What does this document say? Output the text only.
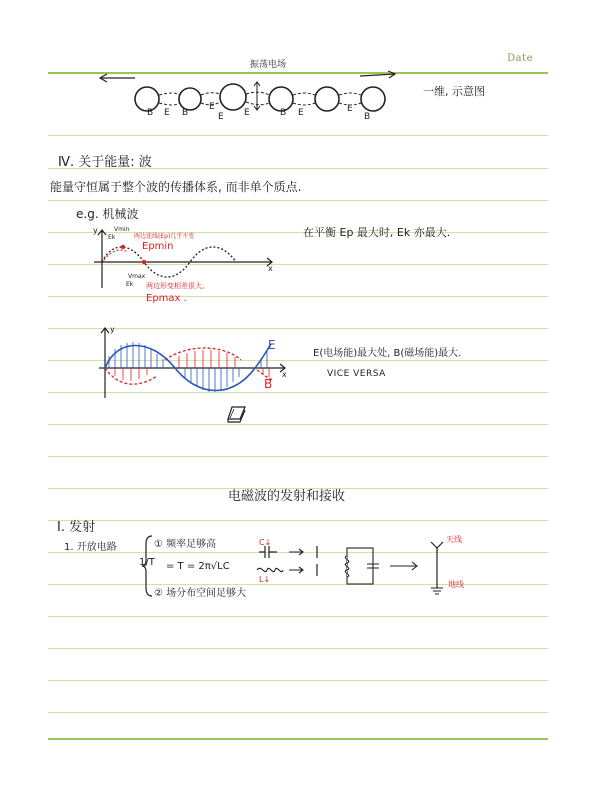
Date
振荡电场
B E B
E
E E	B E	E
B
一维, 示意图
Ⅳ. 关于能量: 波
能量守恒属于整个波的传播体系, 而非单个质点.
e.g. 机械波
y
x
Vmin
Ek	两边连线(Ep)几乎不变
Epmin
Vmax
Ek 两边形变相差很大,
Epmax .
在平衡 Ep 最大时, Ek 亦最大.
y
x
E
B
E(电场能)最大处, B(磁场能)最大.
VICE VERSA
电磁波的发射和接收
I. 发射
1. 开放电路	① 频率足够高
1/T = T = 2π√LC
② 场分布空间足够大
C↓
L↓
天线
地线
